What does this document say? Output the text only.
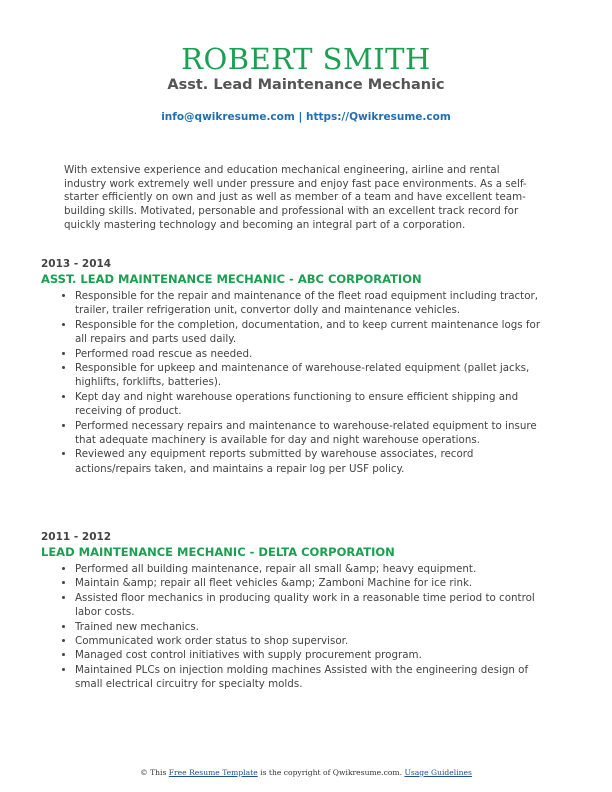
ROBERT SMITH
Asst. Lead Maintenance Mechanic
info@qwikresume.com | https://Qwikresume.com
With extensive experience and education mechanical engineering, airline and rental industry work extremely well under pressure and enjoy fast pace environments. As a self-starter efficiently on own and just as well as member of a team and have excellent team-building skills. Motivated, personable and professional with an excellent track record for quickly mastering technology and becoming an integral part of a corporation.
2013 - 2014
ASST. LEAD MAINTENANCE MECHANIC - ABC CORPORATION
• Responsible for the repair and maintenance of the fleet road equipment including tractor, trailer, trailer refrigeration unit, convertor dolly and maintenance vehicles.
• Responsible for the completion, documentation, and to keep current maintenance logs for all repairs and parts used daily.
• Performed road rescue as needed.
• Responsible for upkeep and maintenance of warehouse-related equipment (pallet jacks, highlifts, forklifts, batteries).
• Kept day and night warehouse operations functioning to ensure efficient shipping and receiving of product.
• Performed necessary repairs and maintenance to warehouse-related equipment to insure that adequate machinery is available for day and night warehouse operations.
• Reviewed any equipment reports submitted by warehouse associates, record actions/repairs taken, and maintains a repair log per USF policy.
2011 - 2012
LEAD MAINTENANCE MECHANIC - DELTA CORPORATION
• Performed all building maintenance, repair all small &amp; heavy equipment.
• Maintain &amp; repair all fleet vehicles &amp; Zamboni Machine for ice rink.
• Assisted floor mechanics in producing quality work in a reasonable time period to control labor costs.
• Trained new mechanics.
• Communicated work order status to shop supervisor.
• Managed cost control initiatives with supply procurement program.
• Maintained PLCs on injection molding machines Assisted with the engineering design of small electrical circuitry for specialty molds.
© This Free Resume Template is the copyright of Qwikresume.com. Usage Guidelines
